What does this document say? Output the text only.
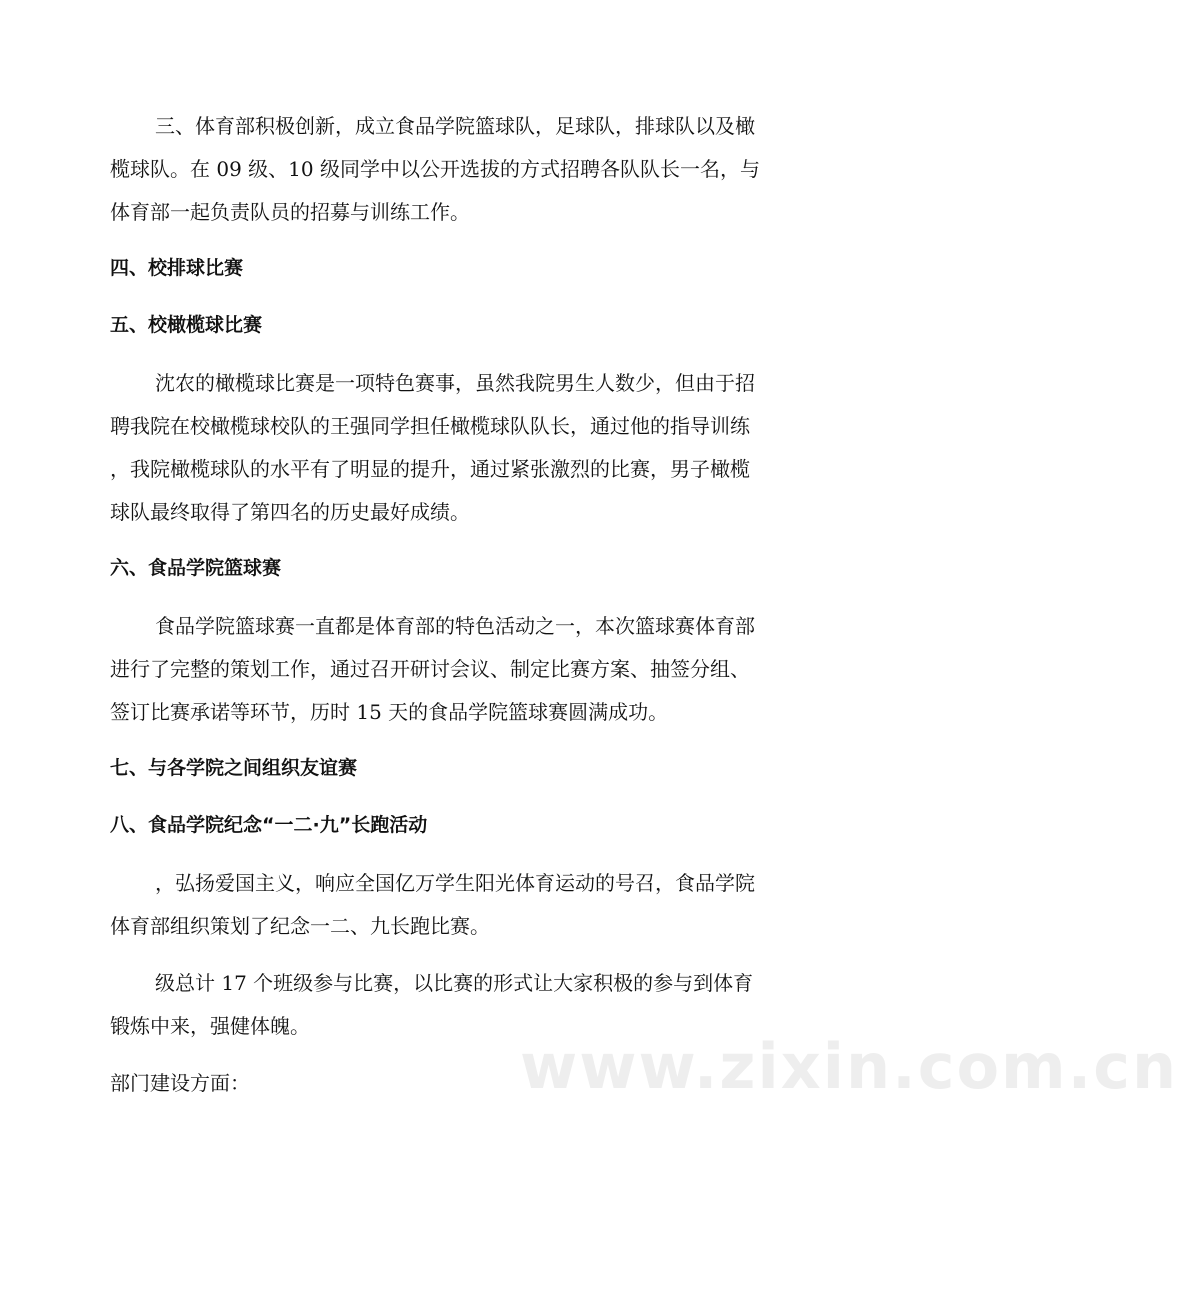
www.zixin.com.cn
三、体育部积极创新，成立食品学院篮球队，足球队，排球队以及橄
榄球队。在 09 级、10 级同学中以公开选拔的方式招聘各队队长一名，与
体育部一起负责队员的招募与训练工作。
四、校排球比赛
五、校橄榄球比赛
沈农的橄榄球比赛是一项特色赛事，虽然我院男生人数少，但由于招
聘我院在校橄榄球校队的王强同学担任橄榄球队队长，通过他的指导训练
，我院橄榄球队的水平有了明显的提升，通过紧张激烈的比赛，男子橄榄
球队最终取得了第四名的历史最好成绩。
六、食品学院篮球赛
食品学院篮球赛一直都是体育部的特色活动之一，本次篮球赛体育部
进行了完整的策划工作，通过召开研讨会议、制定比赛方案、抽签分组、
签订比赛承诺等环节，历时 15 天的食品学院篮球赛圆满成功。
七、与各学院之间组织友谊赛
八、食品学院纪念“一二·九”长跑活动
，弘扬爱国主义，响应全国亿万学生阳光体育运动的号召，食品学院
体育部组织策划了纪念一二、九长跑比赛。
级总计 17 个班级参与比赛，以比赛的形式让大家积极的参与到体育
锻炼中来，强健体魄。
部门建设方面：
